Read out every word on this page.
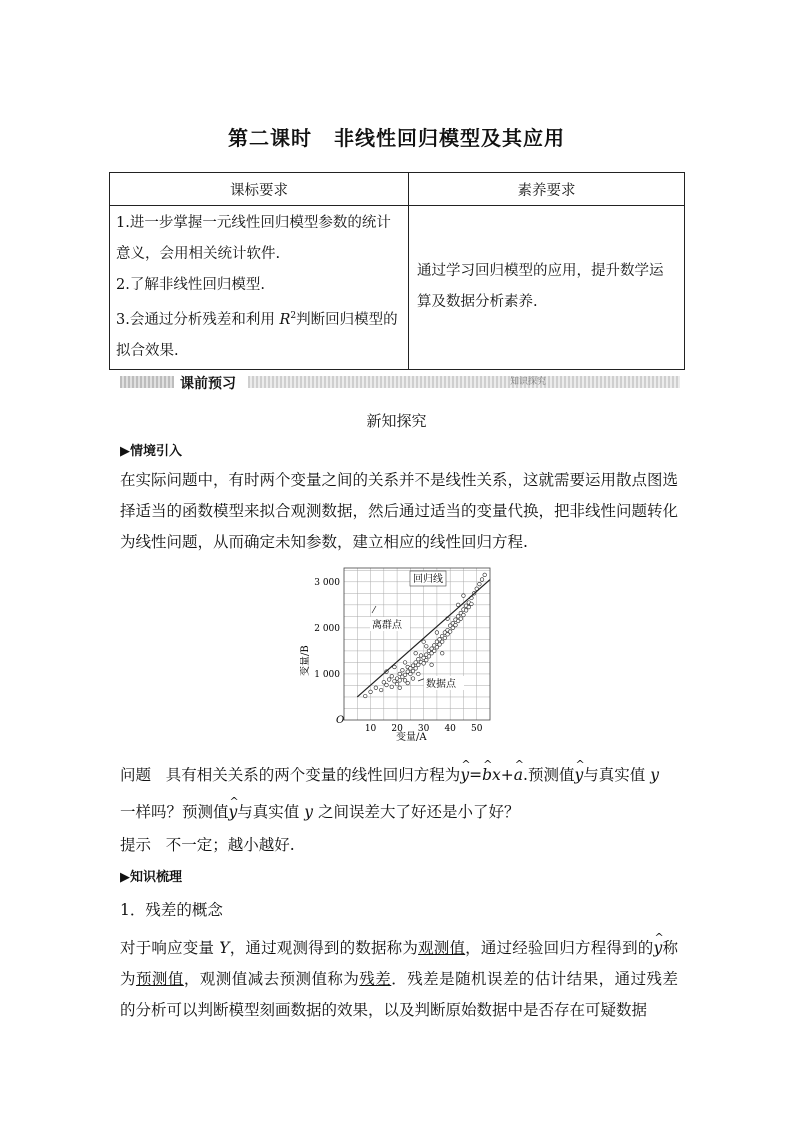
第二课时 非线性回归模型及其应用
课标要求	素养要求

1.进一步掌握一元线性回归模型参数的统计意义，会用相关统计软件.
2.了解非线性回归模型.
3.会通过分析残差和利用 $R^2$判断回归模型的拟合效果.	通过学习回归模型的应用，提升数学运算及数据分析素养.
课前预习	知识探究
新知探究
▶情境引入
在实际问题中，有时两个变量之间的关系并不是线性关系，这就需要运用散点图选择适当的函数模型来拟合观测数据，然后通过适当的变量代换，把非线性问题转化为线性问题，从而确定未知参数，建立相应的线性回归方程.
1 000
2 000
3 000
10 20 30 40 50
O
变量/A
变量/B
回归线
离群点
数据点
问题 具有相关关系的两个变量的线性回归方程为^ y=^ bx+^ a.预测值^ y与真实值 y
一样吗？预测值^ y与真实值 y 之间误差大了好还是小了好？
提示 不一定；越小越好.
▶知识梳理
1．残差的概念
对于响应变量 Y，通过观测得到的数据称为观测值，通过经验回归方程得到的^ y称为预测值，观测值减去预测值称为残差．残差是随机误差的估计结果，通过残差的分析可以判断模型刻画数据的效果，以及判断原始数据中是否存在可疑数据
